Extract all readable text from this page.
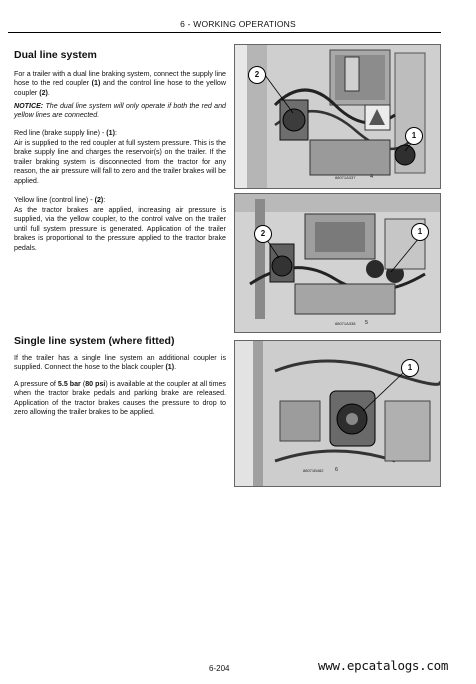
6 - WORKING OPERATIONS
Dual line system
For a trailer with a dual line braking system, connect the supply line hose to the red coupler (1) and the control line hose to the yellow coupler (2).
NOTICE: The dual line system will only operate if both the red and yellow lines are connected.
Red line (brake supply line) - (1):
Air is supplied to the red coupler at full system pressure. This is the brake supply line and charges the reservoir(s) on the trailer. If the trailer braking system is disconnected from the tractor for any reason, the air pressure will fall to zero and the trailer brakes will be applied.
Yellow line (control line) - (2):
As the tractor brakes are applied, increasing air pressure is supplied, via the yellow coupler, to the control valve on the trailer until full system pressure is generated. Application of the trailer brakes is proportional to the pressure applied to the tractor brake pedals.
Single line system (where fitted)
If the trailer has a single line system an additional coupler is supplied. Connect the hose to the black coupler (1).
A pressure of 5.5 bar (80 psi) is available at the coupler at all times when the tractor brake pedals and parking brake are released. Application of the tractor brakes causes the pressure to drop to zero allowing the trailer brakes to be applied.
88071A337	4
2
1
88071A338 5
2	1
88071B482 6
1
6-204	www.epcatalogs.com
